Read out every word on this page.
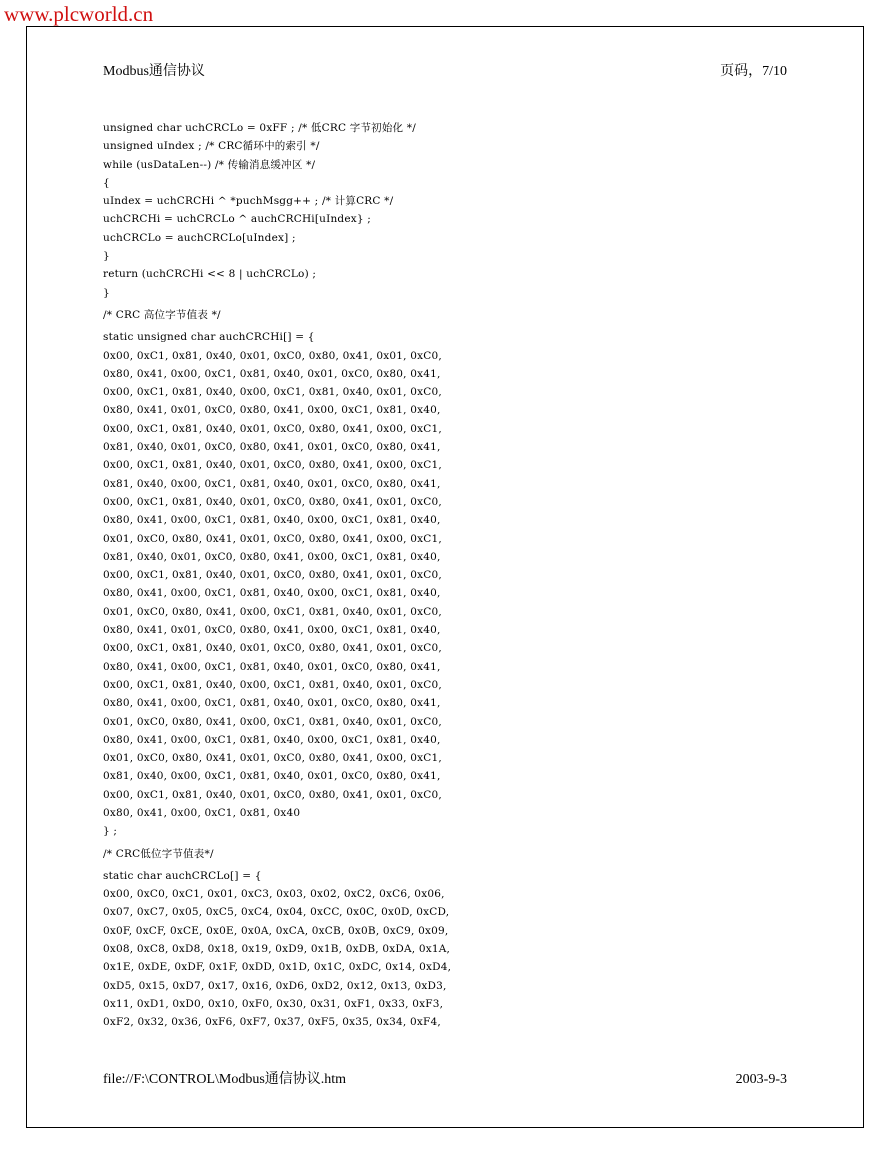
www.plcworld.cn
Modbus通信协议	页码，7/10
unsigned char uchCRCLo = 0xFF ; /* 低CRC 字节初始化 */
unsigned uIndex ; /* CRC循环中的索引 */
while (usDataLen--) /* 传输消息缓冲区 */
{
uIndex = uchCRCHi ^ *puchMsgg++ ; /* 计算CRC */
uchCRCHi = uchCRCLo ^ auchCRCHi[uIndex} ;
uchCRCLo = auchCRCLo[uIndex] ;
}
return (uchCRCHi << 8 | uchCRCLo) ;
}
/* CRC 高位字节值表 */
static unsigned char auchCRCHi[] = {
0x00, 0xC1, 0x81, 0x40, 0x01, 0xC0, 0x80, 0x41, 0x01, 0xC0,
0x80, 0x41, 0x00, 0xC1, 0x81, 0x40, 0x01, 0xC0, 0x80, 0x41,
0x00, 0xC1, 0x81, 0x40, 0x00, 0xC1, 0x81, 0x40, 0x01, 0xC0,
0x80, 0x41, 0x01, 0xC0, 0x80, 0x41, 0x00, 0xC1, 0x81, 0x40,
0x00, 0xC1, 0x81, 0x40, 0x01, 0xC0, 0x80, 0x41, 0x00, 0xC1,
0x81, 0x40, 0x01, 0xC0, 0x80, 0x41, 0x01, 0xC0, 0x80, 0x41,
0x00, 0xC1, 0x81, 0x40, 0x01, 0xC0, 0x80, 0x41, 0x00, 0xC1,
0x81, 0x40, 0x00, 0xC1, 0x81, 0x40, 0x01, 0xC0, 0x80, 0x41,
0x00, 0xC1, 0x81, 0x40, 0x01, 0xC0, 0x80, 0x41, 0x01, 0xC0,
0x80, 0x41, 0x00, 0xC1, 0x81, 0x40, 0x00, 0xC1, 0x81, 0x40,
0x01, 0xC0, 0x80, 0x41, 0x01, 0xC0, 0x80, 0x41, 0x00, 0xC1,
0x81, 0x40, 0x01, 0xC0, 0x80, 0x41, 0x00, 0xC1, 0x81, 0x40,
0x00, 0xC1, 0x81, 0x40, 0x01, 0xC0, 0x80, 0x41, 0x01, 0xC0,
0x80, 0x41, 0x00, 0xC1, 0x81, 0x40, 0x00, 0xC1, 0x81, 0x40,
0x01, 0xC0, 0x80, 0x41, 0x00, 0xC1, 0x81, 0x40, 0x01, 0xC0,
0x80, 0x41, 0x01, 0xC0, 0x80, 0x41, 0x00, 0xC1, 0x81, 0x40,
0x00, 0xC1, 0x81, 0x40, 0x01, 0xC0, 0x80, 0x41, 0x01, 0xC0,
0x80, 0x41, 0x00, 0xC1, 0x81, 0x40, 0x01, 0xC0, 0x80, 0x41,
0x00, 0xC1, 0x81, 0x40, 0x00, 0xC1, 0x81, 0x40, 0x01, 0xC0,
0x80, 0x41, 0x00, 0xC1, 0x81, 0x40, 0x01, 0xC0, 0x80, 0x41,
0x01, 0xC0, 0x80, 0x41, 0x00, 0xC1, 0x81, 0x40, 0x01, 0xC0,
0x80, 0x41, 0x00, 0xC1, 0x81, 0x40, 0x00, 0xC1, 0x81, 0x40,
0x01, 0xC0, 0x80, 0x41, 0x01, 0xC0, 0x80, 0x41, 0x00, 0xC1,
0x81, 0x40, 0x00, 0xC1, 0x81, 0x40, 0x01, 0xC0, 0x80, 0x41,
0x00, 0xC1, 0x81, 0x40, 0x01, 0xC0, 0x80, 0x41, 0x01, 0xC0,
0x80, 0x41, 0x00, 0xC1, 0x81, 0x40
} ;
/* CRC低位字节值表*/
static char auchCRCLo[] = {
0x00, 0xC0, 0xC1, 0x01, 0xC3, 0x03, 0x02, 0xC2, 0xC6, 0x06,
0x07, 0xC7, 0x05, 0xC5, 0xC4, 0x04, 0xCC, 0x0C, 0x0D, 0xCD,
0x0F, 0xCF, 0xCE, 0x0E, 0x0A, 0xCA, 0xCB, 0x0B, 0xC9, 0x09,
0x08, 0xC8, 0xD8, 0x18, 0x19, 0xD9, 0x1B, 0xDB, 0xDA, 0x1A,
0x1E, 0xDE, 0xDF, 0x1F, 0xDD, 0x1D, 0x1C, 0xDC, 0x14, 0xD4,
0xD5, 0x15, 0xD7, 0x17, 0x16, 0xD6, 0xD2, 0x12, 0x13, 0xD3,
0x11, 0xD1, 0xD0, 0x10, 0xF0, 0x30, 0x31, 0xF1, 0x33, 0xF3,
0xF2, 0x32, 0x36, 0xF6, 0xF7, 0x37, 0xF5, 0x35, 0x34, 0xF4,
file://F:\CONTROL\Modbus通信协议.htm	2003-9-3
